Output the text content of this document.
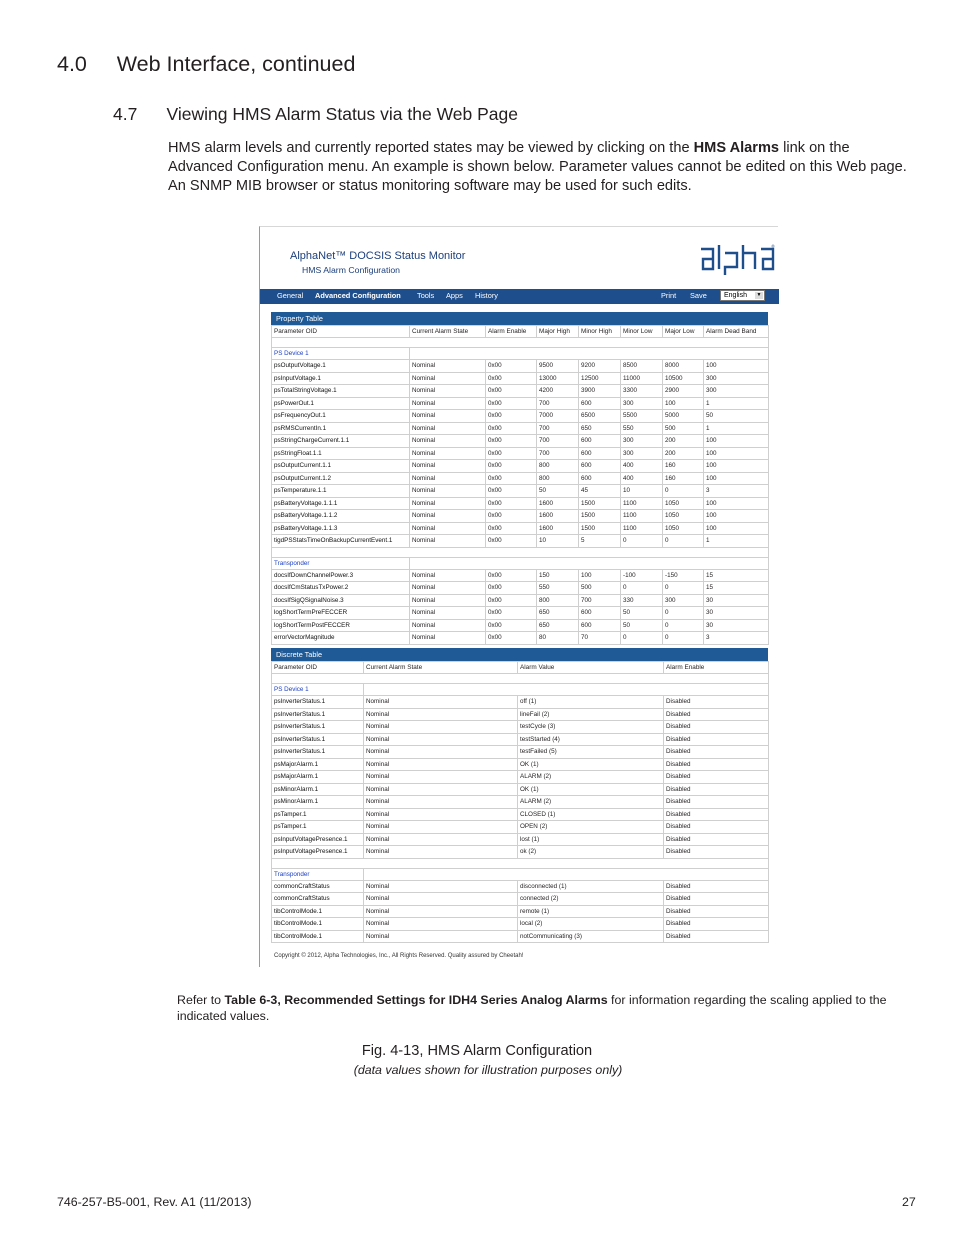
4.0     Web Interface, continued
4.7      Viewing HMS Alarm Status via the Web Page
HMS alarm levels and currently reported states may be viewed by clicking on the HMS Alarms link on the Advanced Configuration menu. An example is shown below. Parameter values cannot be edited on this Web page. An SNMP MIB browser or status monitoring software may be used for such edits.
AlphaNet™ DOCSIS Status Monitor
HMS Alarm Configuration
®
General Advanced Configuration Tools Apps History	Print Save	English	▼
Property Table
Parameter OID	Current Alarm State	Alarm Enable	Major High	Minor High	Minor Low	Major Low	Alarm Dead Band

PS Device 1							
psOutputVoltage.1	Nominal	0x00	9500	9200	8500	8000	100
psInputVoltage.1	Nominal	0x00	13000	12500	11000	10500	300
psTotalStringVoltage.1	Nominal	0x00	4200	3900	3300	2900	300
psPowerOut.1	Nominal	0x00	700	600	300	100	1
psFrequencyOut.1	Nominal	0x00	7000	6500	5500	5000	50
psRMSCurrentIn.1	Nominal	0x00	700	650	550	500	1
psStringChargeCurrent.1.1	Nominal	0x00	700	600	300	200	100
psStringFloat.1.1	Nominal	0x00	700	600	300	200	100
psOutputCurrent.1.1	Nominal	0x00	800	600	400	160	100
psOutputCurrent.1.2	Nominal	0x00	800	600	400	160	100
psTemperature.1.1	Nominal	0x00	50	45	10	0	3
psBatteryVoltage.1.1.1	Nominal	0x00	1600	1500	1100	1050	100
psBatteryVoltage.1.1.2	Nominal	0x00	1600	1500	1100	1050	100
psBatteryVoltage.1.1.3	Nominal	0x00	1600	1500	1100	1050	100
tigdPSStatsTimeOnBackupCurrentEvent.1	Nominal	0x00	10	5	0	0	1

Transponder							
docsIfDownChannelPower.3	Nominal	0x00	150	100	-100	-150	15
docsIfCmStatusTxPower.2	Nominal	0x00	550	500	0	0	15
docsIfSigQSignalNoise.3	Nominal	0x00	800	700	330	300	30
logShortTermPreFECCER	Nominal	0x00	650	600	50	0	30
logShortTermPostFECCER	Nominal	0x00	650	600	50	0	30
errorVectorMagnitude	Nominal	0x00	80	70	0	0	3
Discrete Table
Parameter OID	Current Alarm State	Alarm Value	Alarm Enable

PS Device 1			
psInverterStatus.1	Nominal	off (1)	Disabled
psInverterStatus.1	Nominal	lineFail (2)	Disabled
psInverterStatus.1	Nominal	testCycle (3)	Disabled
psInverterStatus.1	Nominal	testStarted (4)	Disabled
psInverterStatus.1	Nominal	testFailed (5)	Disabled
psMajorAlarm.1	Nominal	OK (1)	Disabled
psMajorAlarm.1	Nominal	ALARM (2)	Disabled
psMinorAlarm.1	Nominal	OK (1)	Disabled
psMinorAlarm.1	Nominal	ALARM (2)	Disabled
psTamper.1	Nominal	CLOSED (1)	Disabled
psTamper.1	Nominal	OPEN (2)	Disabled
psInputVoltagePresence.1	Nominal	lost (1)	Disabled
psInputVoltagePresence.1	Nominal	ok (2)	Disabled

Transponder			
commonCraftStatus	Nominal	disconnected (1)	Disabled
commonCraftStatus	Nominal	connected (2)	Disabled
tibControlMode.1	Nominal	remote (1)	Disabled
tibControlMode.1	Nominal	local (2)	Disabled
tibControlMode.1	Nominal	notCommunicating (3)	Disabled
Copyright © 2012, Alpha Technologies, Inc., All Rights Reserved. Quality assured by Cheetah!
Refer to Table 6-3, Recommended Settings for IDH4 Series Analog Alarms for information regarding the scaling applied to the indicated values.
Fig. 4-13, HMS Alarm Configuration
(data values shown for illustration purposes only)
746-257-B5-001, Rev. A1 (11/2013)	27
